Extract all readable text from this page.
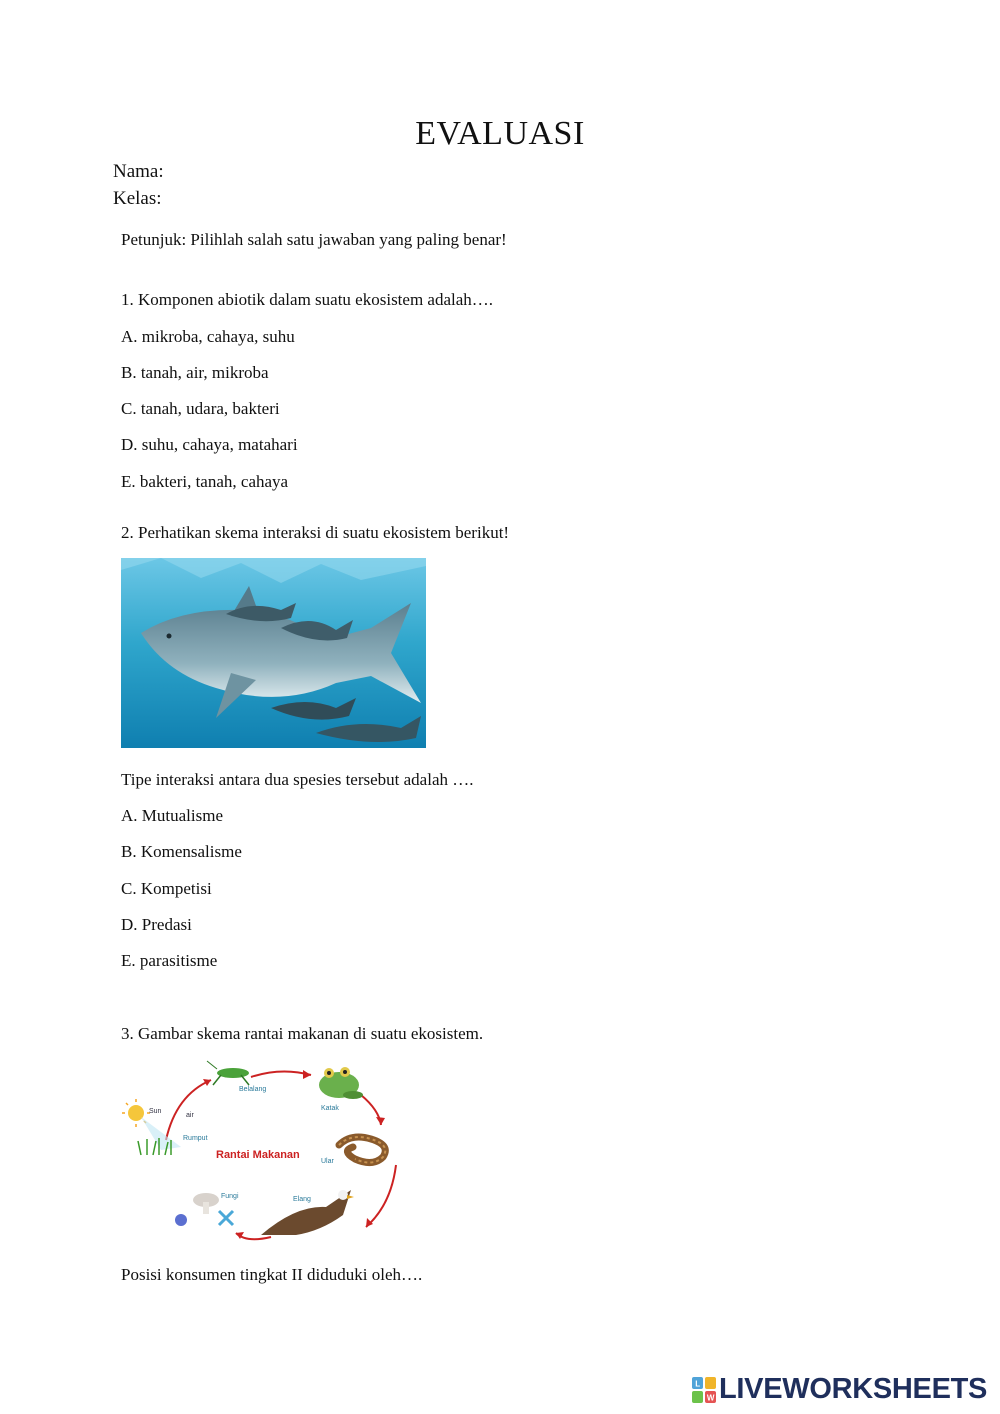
EVALUASI
Nama:
Kelas:
Petunjuk: Pilihlah salah satu jawaban yang paling benar!
1. Komponen abiotik dalam suatu ekosistem adalah….
A. mikroba, cahaya, suhu
B. tanah, air, mikroba
C. tanah, udara, bakteri
D. suhu, cahaya, matahari
E. bakteri, tanah, cahaya
2. Perhatikan skema interaksi di suatu ekosistem berikut!
Tipe interaksi antara dua spesies tersebut adalah ….
A. Mutualisme
B. Komensalisme
C. Kompetisi
D. Predasi
E. parasitisme
3. Gambar skema rantai makanan di suatu ekosistem.
Sun
air
Rumput
Belalang
Katak
Rantai Makanan
Ular
Elang
Fungi
Posisi konsumen tingkat II diduduki oleh….
L
W LIVEWORKSHEETS
